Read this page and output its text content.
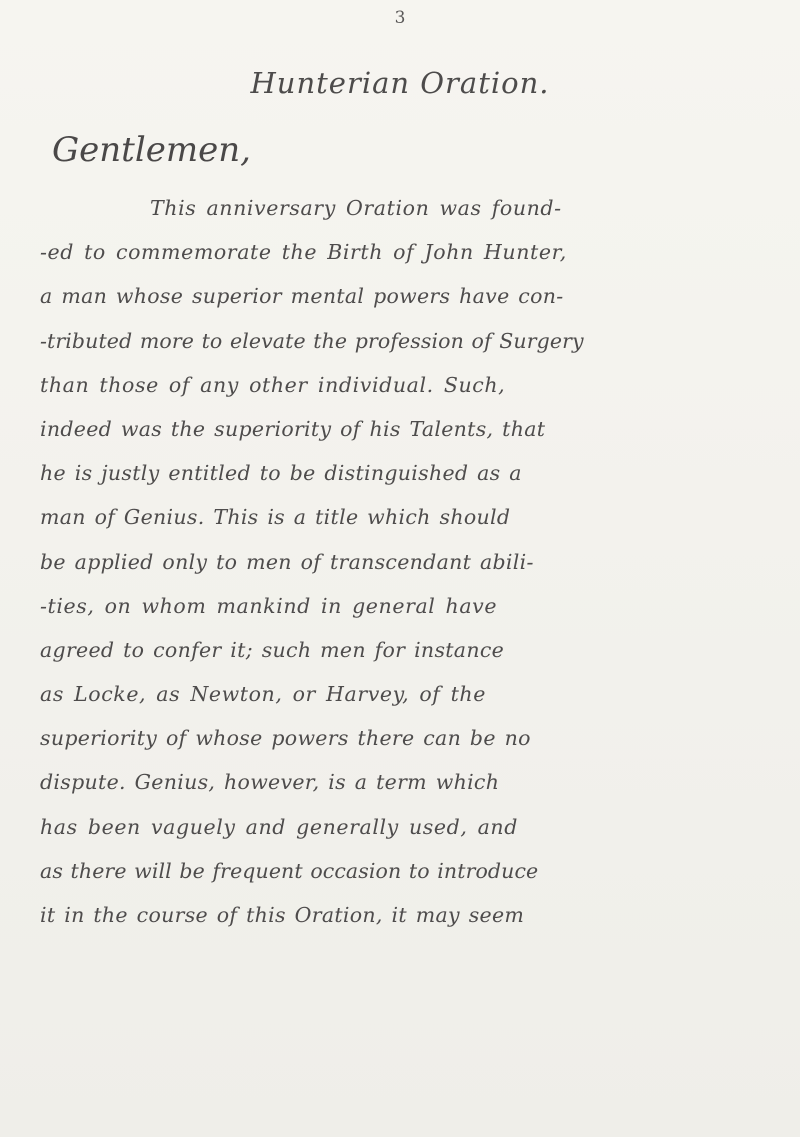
3
Hunterian Oration.
Gentlemen,
This anniversary Oration was found-
-ed to commemorate the Birth of John Hunter,
a man whose superior mental powers have con-
-tributed more to elevate the profession of Surgery
than those of any other individual. Such,
indeed was the superiority of his Talents, that
he is justly entitled to be distinguished as a
man of Genius. This is a title which should
be applied only to men of transcendant abili-
-ties, on whom mankind in general have
agreed to confer it; such men for instance
as Locke, as Newton, or Harvey, of the
superiority of whose powers there can be no
dispute. Genius, however, is a term which
has been vaguely and generally used, and
as there will be frequent occasion to introduce
it in the course of this Oration, it may seem
